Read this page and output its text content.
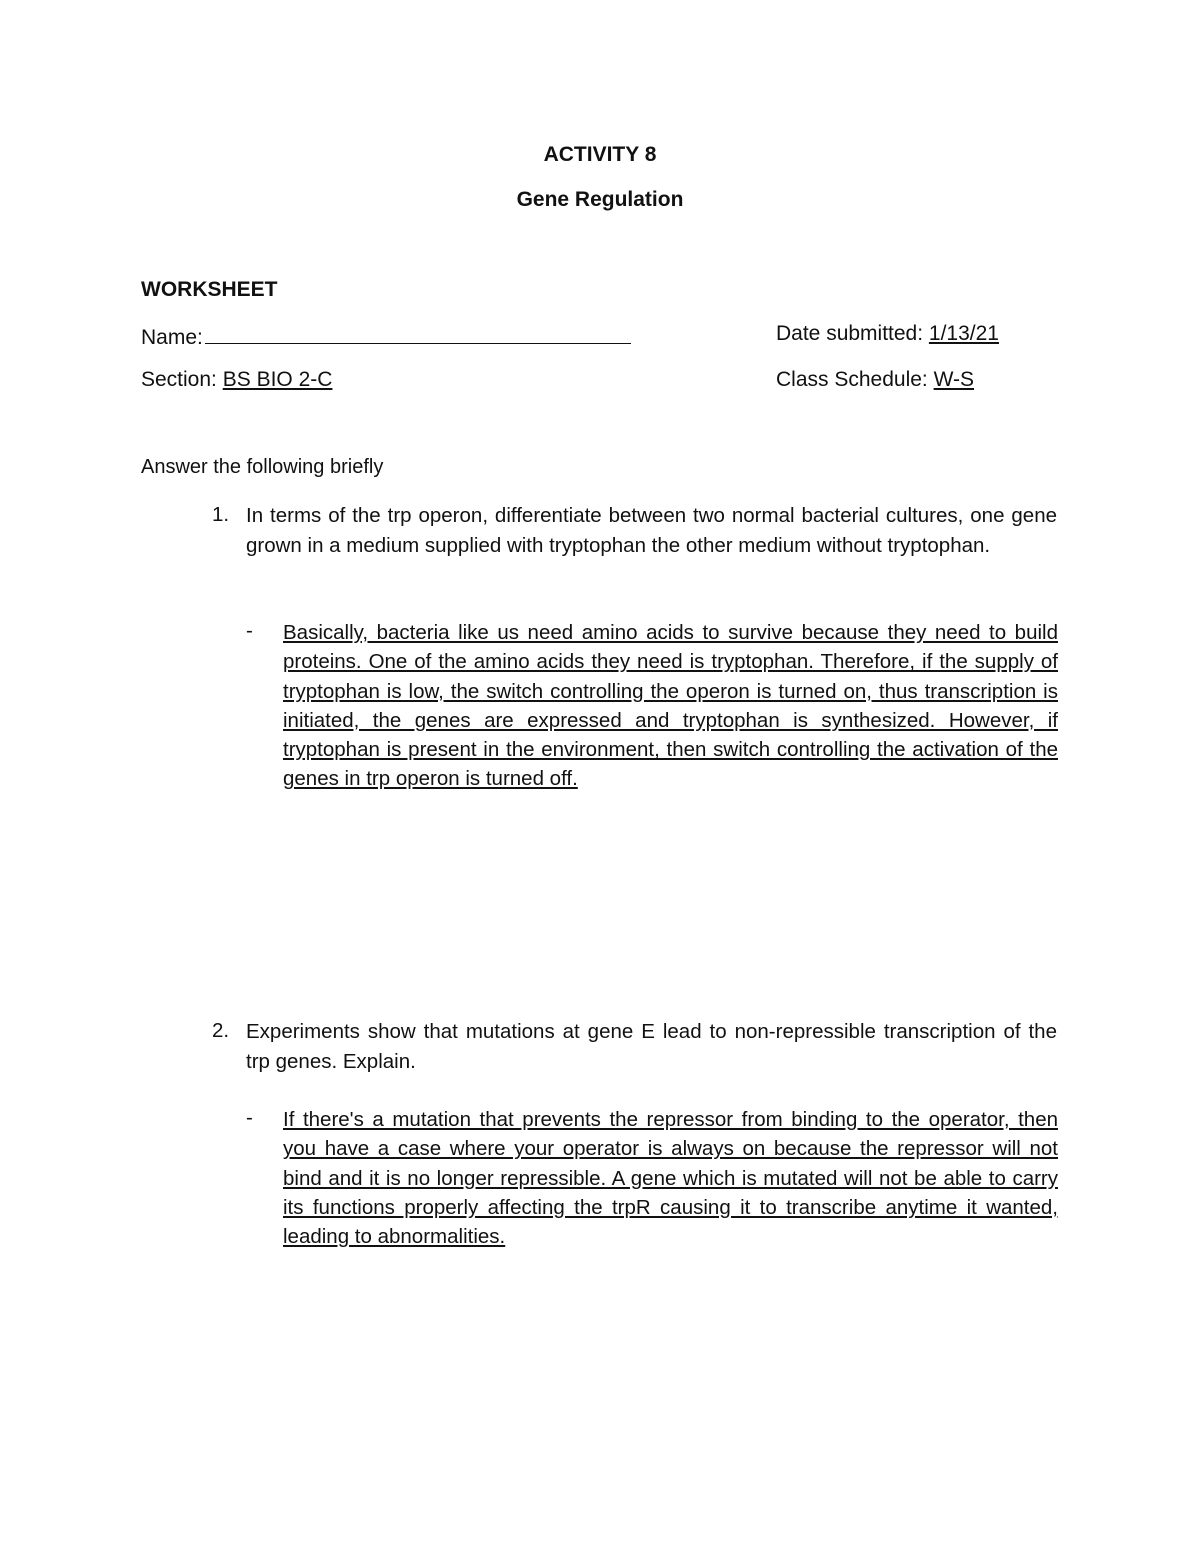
ACTIVITY 8
Gene Regulation
WORKSHEET
Name:	Date submitted: 1/13/21
Section: BS BIO 2-C	Class Schedule: W-S
Answer the following briefly
1. In terms of the trp operon, differentiate between two normal bacterial cultures, one gene grown in a medium supplied with tryptophan the other medium without tryptophan.
- Basically, bacteria like us need amino acids to survive because they need to build proteins. One of the amino acids they need is tryptophan. Therefore, if the supply of tryptophan is low, the switch controlling the operon is turned on, thus transcription is initiated, the genes are expressed and tryptophan is synthesized. However, if tryptophan is present in the environment, then switch controlling the activation of the genes in trp operon is turned off.
2. Experiments show that mutations at gene E lead to non-repressible transcription of the trp genes. Explain.
- If there's a mutation that prevents the repressor from binding to the operator, then you have a case where your operator is always on because the repressor will not bind and it is no longer repressible. A gene which is mutated will not be able to carry its functions properly affecting the trpR causing it to transcribe anytime it wanted, leading to abnormalities.
